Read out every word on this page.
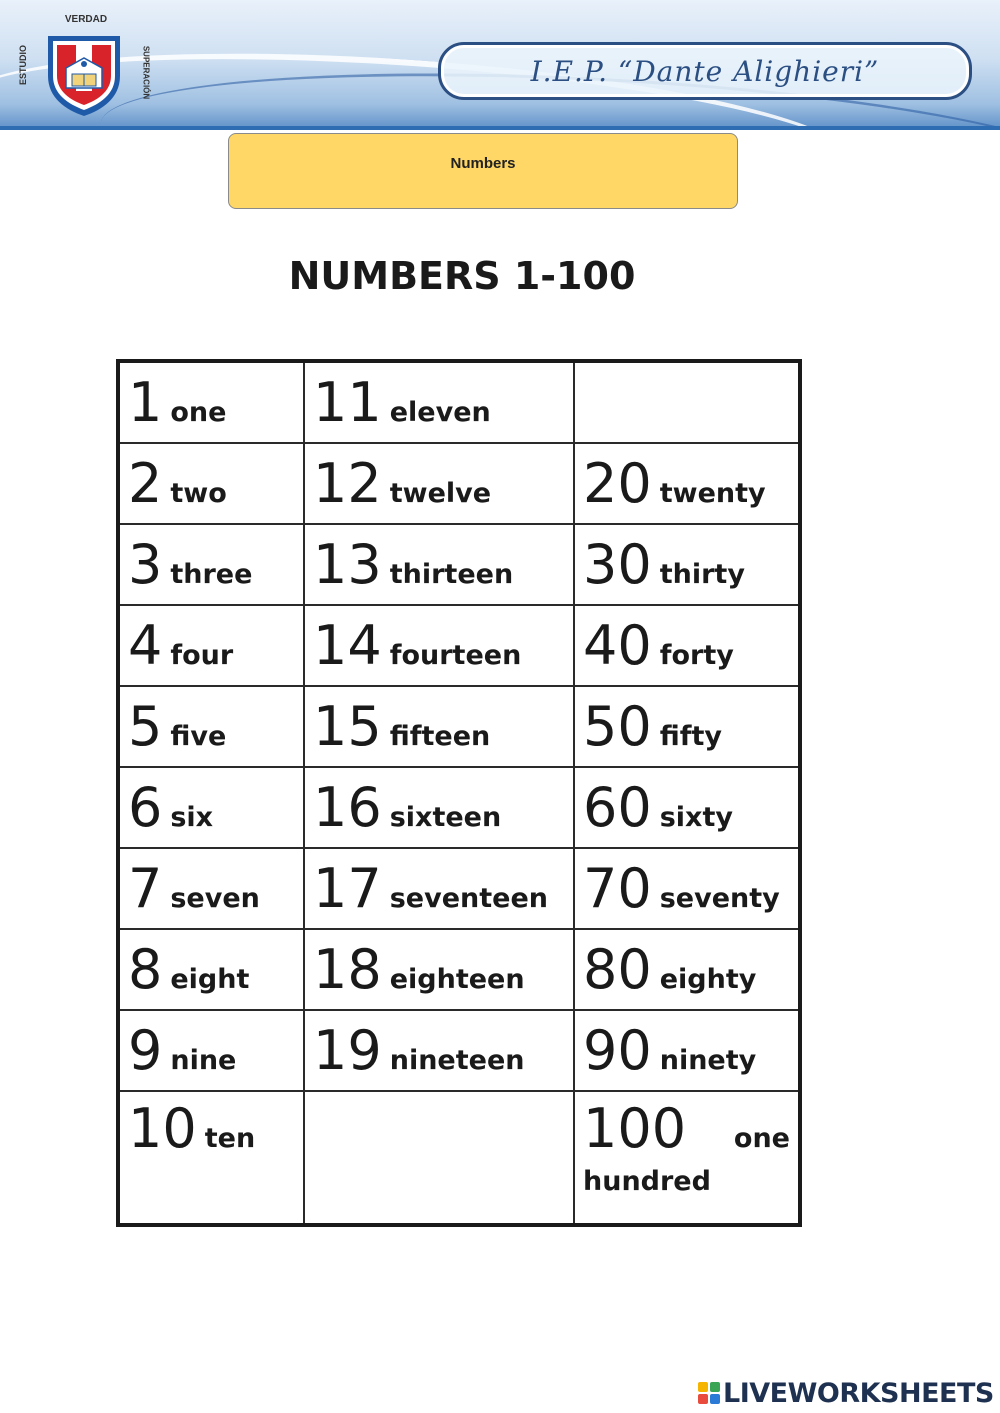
VERDAD
ESTUDIO	SUPERACIÓN	I.E.P. “Dante Alighieri”
Numbers
NUMBERS 1-100
1 one	11 eleven	
2 two	12 twelve	20 twenty
3 three	13 thirteen	30 thirty
4 four	14 fourteen	40 forty
5 five	15 fifteen	50 fifty
6 six	16 sixteen	60 sixty
7 seven	17 seventeen	70 seventy
8 eight	18 eighteen	80 eighty
9 nine	19 nineteen	90 ninety
10 ten		100 one
hundred
LIVEWORKSHEETS
